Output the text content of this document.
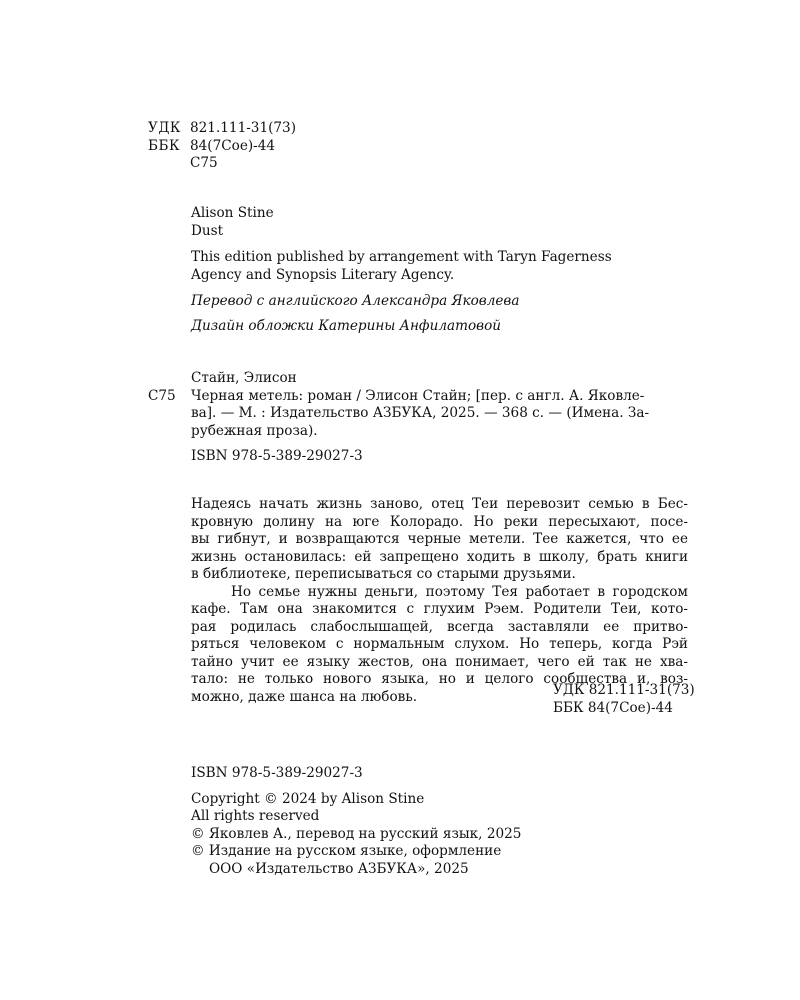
УДК 821.111-31(73)
ББК 84(7Сое)-44
С75
Alison Stine
Dust
This edition published by arrangement with Taryn Fagerness
Agency and Synopsis Literary Agency.
Перевод с английского Александра Яковлева
Дизайн обложки Катерины Анфилатовой
Стайн, Элисон
С75	Черная метель: роман / Элисон Стайн; [пер. с англ. А. Яковле-
ва]. — М. : Издательство АЗБУКА, 2025. — 368 с. — (Имена. За-
рубежная проза).
ISBN 978-5-389-29027-3

Надеясь начать жизнь заново, отец Теи перевозит семью в Бес-

кровную долину на юге Колорадо. Но реки пересыхают, посе-

вы гибнут, и возвращаются черные метели. Тее кажется, что ее

жизнь остановилась: ей запрещено ходить в школу, брать книги

в библиотеке, переписываться со старыми друзьями.

Но семье нужны деньги, поэтому Тея работает в городском

кафе. Там она знакомится с глухим Рэем. Родители Теи, кото-

рая родилась слабослышащей, всегда заставляли ее притво-

ряться человеком с нормальным слухом. Но теперь, когда Рэй

тайно учит ее языку жестов, она понимает, чего ей так не хва-

тало: не только нового языка, но и целого сообщества и, воз-

можно, даже шанса на любовь.	УДК 821.111-31(73)
ББК 84(7Сое)-44
ISBN 978-5-389-29027-3
Copyright © 2024 by Alison Stine
All rights reserved
© Яковлев А., перевод на русский язык, 2025
© Издание на русском языке, оформление
ООО «Издательство АЗБУКА», 2025
